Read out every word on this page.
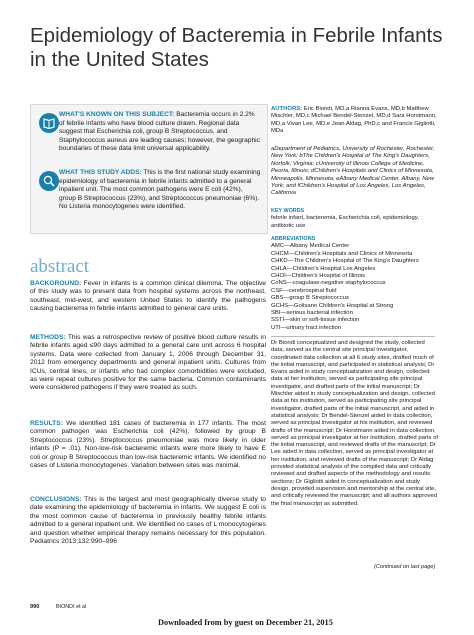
Epidemiology of Bacteremia in Febrile Infants in the United States
WHAT'S KNOWN ON THIS SUBJECT: Bacteremia occurs in 2.2% of febrile infants who have blood culture drawn. Regional data suggest that Escherichia coli, group B Streptococcus, and Staphylococcus aureus are leading causes; however, the geographic boundaries of these data limit universal applicability.
WHAT THIS STUDY ADDS: This is the first national study examining epidemiology of bacteremia in febrile infants admitted to a general inpatient unit. The most common pathogens were E coli (42%), group B Streptococcus (23%), and Streptococcus pneumoniae (6%). No Listeria monocytogenes were identified.
abstract
BACKGROUND: Fever in infants is a common clinical dilemma. The objective of this study was to present data from hospital systems across the northeast, southeast, mid-west, and western United States to identify the pathogens causing bacteremia in febrile infants admitted to general care units.
METHODS: This was a retrospective review of positive blood culture results in febrile infants aged ≤90 days admitted to a general care unit across 6 hospital systems. Data were collected from January 1, 2006 through December 31, 2012 from emergency departments and general inpatient units. Cultures from ICUs, central lines, or infants who had complex comorbidities were excluded, as were repeat cultures positive for the same bacteria. Common contaminants were considered pathogens if they were treated as such.
RESULTS: We identified 181 cases of bacteremia in 177 infants. The most common pathogen was Escherichia coli (42%), followed by group B Streptococcus (23%). Streptococcus pneumoniae was more likely in older infants (P = .01). Non-low-risk bacteremic infants were more likely to have E coli or group B Streptococcus than low-risk bacteremic infants. We identified no cases of Listeria monocytogenes. Variation between sites was minimal.
CONCLUSIONS: This is the largest and most geographically diverse study to date examining the epidemiology of bacteremia in infants. We suggest E coli is the most common cause of bacteremia in previously healthy febrile infants admitted to a general inpatient unit. We identified no cases of L monocytogenes and question whether empirical therapy remains necessary for this population. Pediatrics 2013;132:990–996
AUTHORS: Eric Biondi, MD,a Rianna Evans, MD,b Matthew Mischler, MD,c Michael Bendel-Stenzel, MD,d Sara Horstmann, MD,a Vivan Lee, MD,e Jean Aldag, PhD,c and Francis Gigliotti, MDa
aDepartment of Pediatrics, University of Rochester, Rochester, New York; bThe Children's Hospital of The King's Daughters, Norfolk, Virginia; cUniversity of Illinois College of Medicine, Peoria, Illinois; dChildren's Hospitals and Clinics of Minnesota, Minneapolis, Minnesota; eAlbany Medical Center, Albany, New York; and fChildren's Hospital of Los Angeles, Los Angeles, California
KEY WORDS
febrile infant, bacteremia, Escherichia coli, epidemiology, antibiotic use
ABBREVIATIONS
AMC—Albany Medical Center
CHCM—Children's Hospitals and Clinics of Minnesota
CHKD—The Children's Hospital of The King's Daughters
CHLA—Children's Hospital Los Angeles
CHOI—Children's Hospital of Illinois
CoNS—coagulase-negative staphylococcus
CSF—cerebrospinal fluid
GBS—group B Streptococcus
GCHS—Golisano Children's Hospital at Strong
SBI—serious bacterial infection
SSTI—skin or soft-tissue infection
UTI—urinary tract infection
Dr Biondi conceptualized and designed the study, collected data, served as the central site principal investigator, coordinated data collection at all 6 study sites, drafted much of the initial manuscript, and participated in statistical analysis; Dr Evans aided in study conceptualization and design, collected data at her institution, served as participating site principal investigator, and drafted parts of the initial manuscript; Dr Mischler aided in study conceptualization and design, collected data at his institution, served as participating site principal investigator, drafted parts of the initial manuscript, and aided in statistical analysis; Dr Bendel-Stenzel aided in data collection, served as principal investigator at his institution, and reviewed drafts of the manuscript; Dr Horstmann aided in data collection, served as principal investigator at her institution, drafted parts of the initial manuscript, and reviewed drafts of the manuscript; Dr Lee aided in data collection, served as principal investigator at her institution, and reviewed drafts of the manuscript; Dr Aldag provided statistical analysis of the compiled data and critically reviewed and drafted aspects of the methodology and results sections; Dr Gigliotti aided in conceptualization and study design, provided supervision and mentorship at the central site, and critically reviewed the manuscript; and all authors approved the final manuscript as submitted.
(Continued on last page)
990	BIONDI et al
Downloaded from by guest on December 21, 2015
